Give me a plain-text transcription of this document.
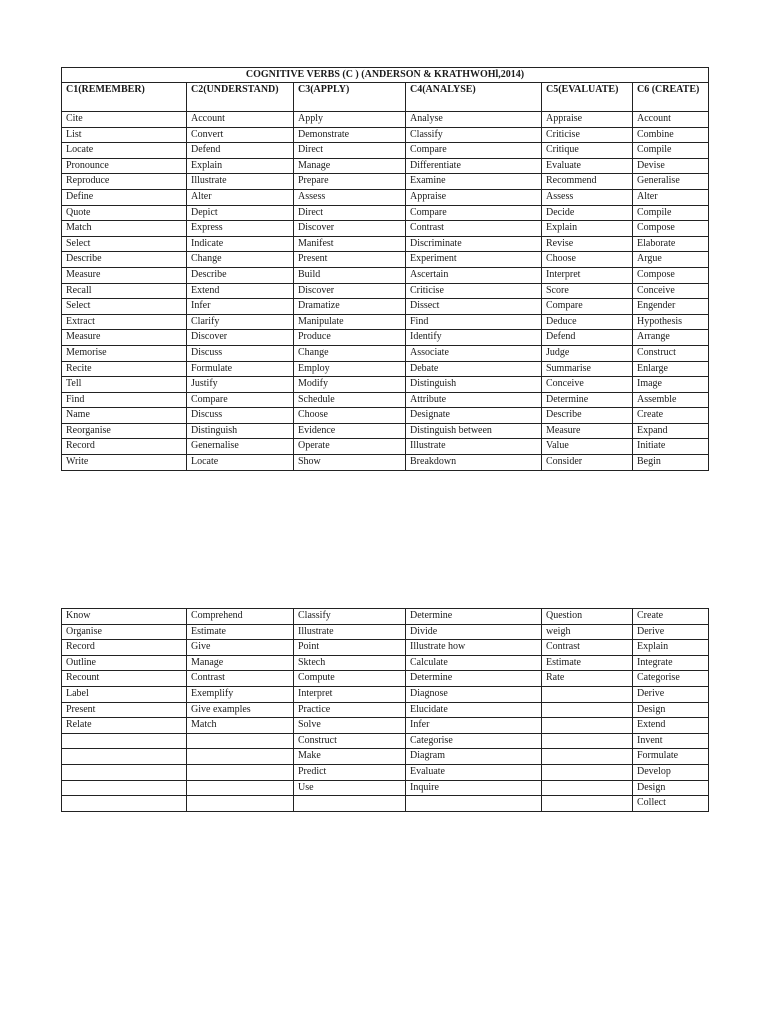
COGNITIVE VERBS (C ) (ANDERSON & KRATHWOHl,2014)					
C1(REMEMBER)	C2(UNDERSTAND)	C3(APPLY)	C4(ANALYSE)	C5(EVALUATE)	C6 (CREATE)
Cite	Account	Apply	Analyse	Appraise	Account
List	Convert	Demonstrate	Classify	Criticise	Combine
Locate	Defend	Direct	Compare	Critique	Compile
Pronounce	Explain	Manage	Differentiate	Evaluate	Devise
Reproduce	Illustrate	Prepare	Examine	Recommend	Generalise
Define	Alter	Assess	Appraise	Assess	Alter
Quote	Depict	Direct	Compare	Decide	Compile
Match	Express	Discover	Contrast	Explain	Compose
Select	Indicate	Manifest	Discriminate	Revise	Elaborate
Describe	Change	Present	Experiment	Choose	Argue
Measure	Describe	Build	Ascertain	Interpret	Compose
Recall	Extend	Discover	Criticise	Score	Conceive
Select	Infer	Dramatize	Dissect	Compare	Engender
Extract	Clarify	Manipulate	Find	Deduce	Hypothesis
Measure	Discover	Produce	Identify	Defend	Arrange
Memorise	Discuss	Change	Associate	Judge	Construct
Recite	Formulate	Employ	Debate	Summarise	Enlarge
Tell	Justify	Modify	Distinguish	Conceive	Image
Find	Compare	Schedule	Attribute	Determine	Assemble
Name	Discuss	Choose	Designate	Describe	Create
Reorganise	Distinguish	Evidence	Distinguish between	Measure	Expand
Record	Genernalise	Operate	Illustrate	Value	Initiate
Write	Locate	Show	Breakdown	Consider	Begin
Know	Comprehend	Classify	Determine	Question	Create
Organise	Estimate	Illustrate	Divide	weigh	Derive
Record	Give	Point	Illustrate how	Contrast	Explain
Outline	Manage	Sktech	Calculate	Estimate	Integrate
Recount	Contrast	Compute	Determine	Rate	Categorise
Label	Exemplify	Interpret	Diagnose		Derive
Present	Give examples	Practice	Elucidate		Design
Relate	Match	Solve	Infer		Extend
		Construct	Categorise		Invent
		Make	Diagram		Formulate
		Predict	Evaluate		Develop
		Use	Inquire		Design
					Collect
